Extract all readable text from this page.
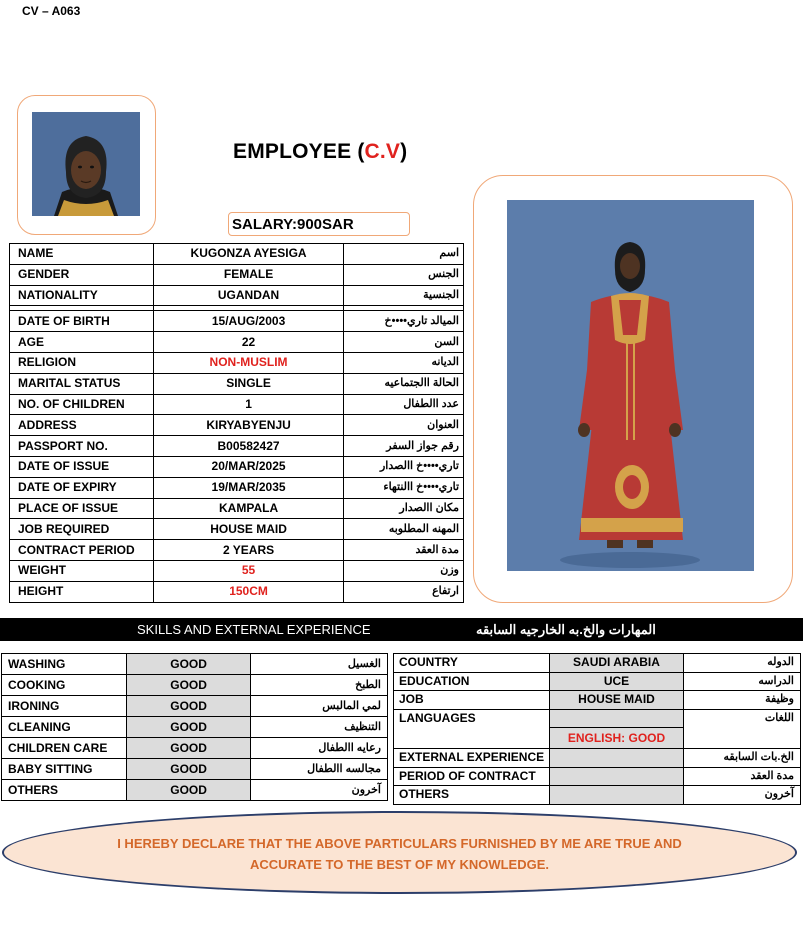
CV – A063
EMPLOYEE (C.V)
SALARY:900SAR
NAME	KUGONZA AYESIGA	اسم
GENDER	FEMALE	الجنس
NATIONALITY	UGANDAN	الجنسية

DATE OF BIRTH	15/AUG/2003	الميالد تاري••••خ
AGE	22	السن
RELIGION	NON-MUSLIM	الديانه
MARITAL STATUS	SINGLE	الحالة االجتماعيه
NO. OF CHILDREN	1	عدد االطفال
ADDRESS	KIRYABYENJU	العنوان
PASSPORT NO.	B00582427	رقم جواز السفر
DATE OF ISSUE	20/MAR/2025	تاري••••خ االصدار
DATE OF EXPIRY	19/MAR/2035	تاري••••خ االنتهاء
PLACE OF ISSUE	KAMPALA	مكان االصدار
JOB REQUIRED	HOUSE MAID	المهنه المطلوبه
CONTRACT PERIOD	2 YEARS	مدة العقد
WEIGHT	55	وزن
HEIGHT	150CM	ارتفاع
SKILLS AND EXTERNAL EXPERIENCE	المهارات والخ.به الخارجيه السابقه
WASHING	GOOD	الغسيل
COOKING	GOOD	الطبخ
IRONING	GOOD	لمي المالبس
CLEANING	GOOD	التنظيف
CHILDREN CARE	GOOD	رعايه االطفال
BABY SITTING	GOOD	مجالسه االطفال
OTHERS	GOOD	آخرون
COUNTRY	SAUDI ARABIA	الدوله
EDUCATION	UCE	الدراسه
JOB	HOUSE MAID	وظيفة
LANGUAGES		اللغات
	ENGLISH: GOOD	
EXTERNAL EXPERIENCE		الخ.بات السابقه
PERIOD OF CONTRACT		مدة العقد
OTHERS		آخرون
I HEREBY DECLARE THAT THE ABOVE PARTICULARS FURNISHED BY ME ARE TRUE AND
ACCURATE TO THE BEST OF MY KNOWLEDGE.
